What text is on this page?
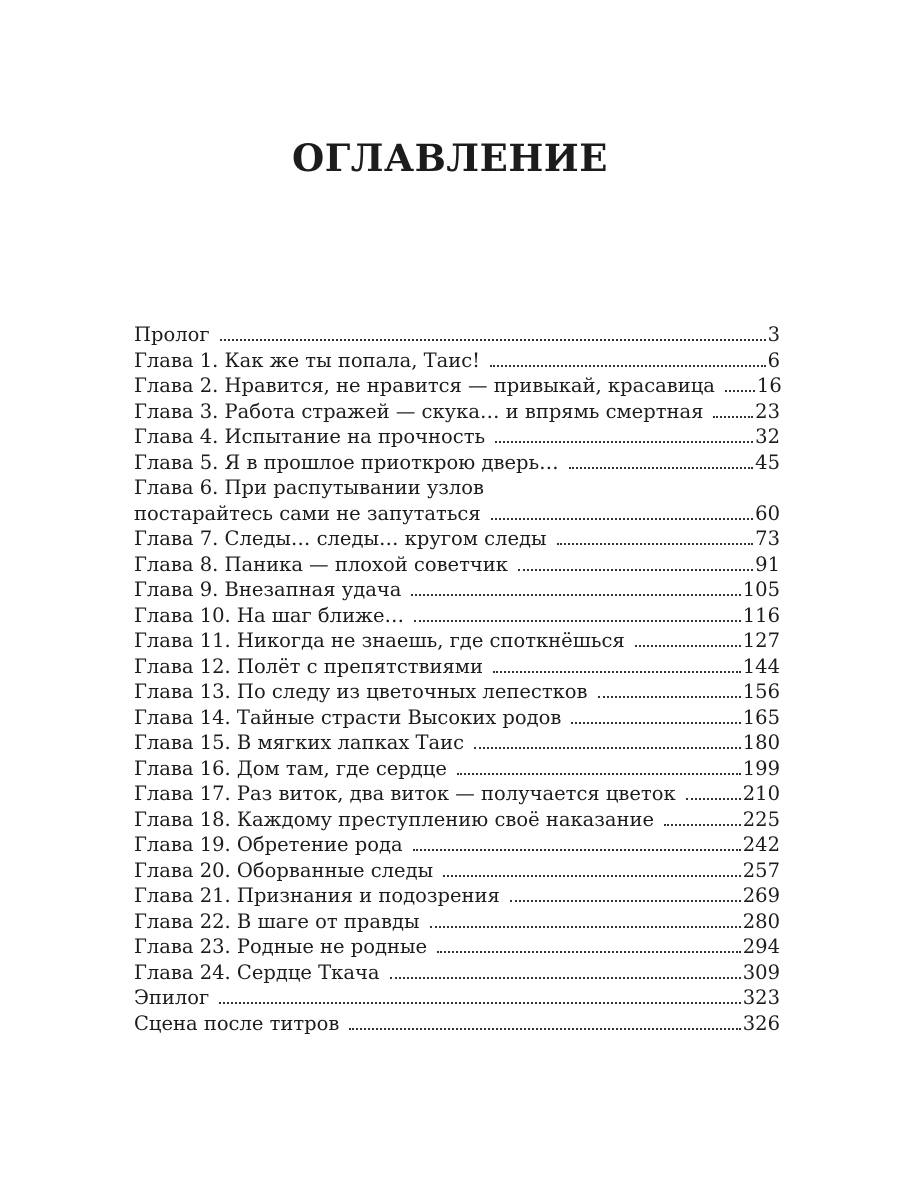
ОГЛАВЛЕНИЕ
Пролог	3
Глава 1. Как же ты попала, Таис!	6
Глава 2. Нравится, не нравится — привыкай, красавица 16
Глава 3. Работа стражей — скука… и впрямь смертная	23
Глава 4. Испытание на прочность	32
Глава 5. Я в прошлое приоткрою дверь…	45
Глава 6. При распутывании узлов
постарайтесь сами не запутаться	60
Глава 7. Следы… следы… кругом следы	73
Глава 8. Паника — плохой советчик	91
Глава 9. Внезапная удача	105
Глава 10. На шаг ближе…	116
Глава 11. Никогда не знаешь, где споткнёшься	127
Глава 12. Полёт с препятствиями	144
Глава 13. По следу из цветочных лепестков	156
Глава 14. Тайные страсти Высоких родов	165
Глава 15. В мягких лапках Таис	180
Глава 16. Дом там, где сердце	199
Глава 17. Раз виток, два виток — получается цветок	210
Глава 18. Каждому преступлению своё наказание	225
Глава 19. Обретение рода	242
Глава 20. Оборванные следы	257
Глава 21. Признания и подозрения	269
Глава 22. В шаге от правды	280
Глава 23. Родные не родные	294
Глава 24. Сердце Ткача	309
Эпилог	323
Сцена после титров	326
